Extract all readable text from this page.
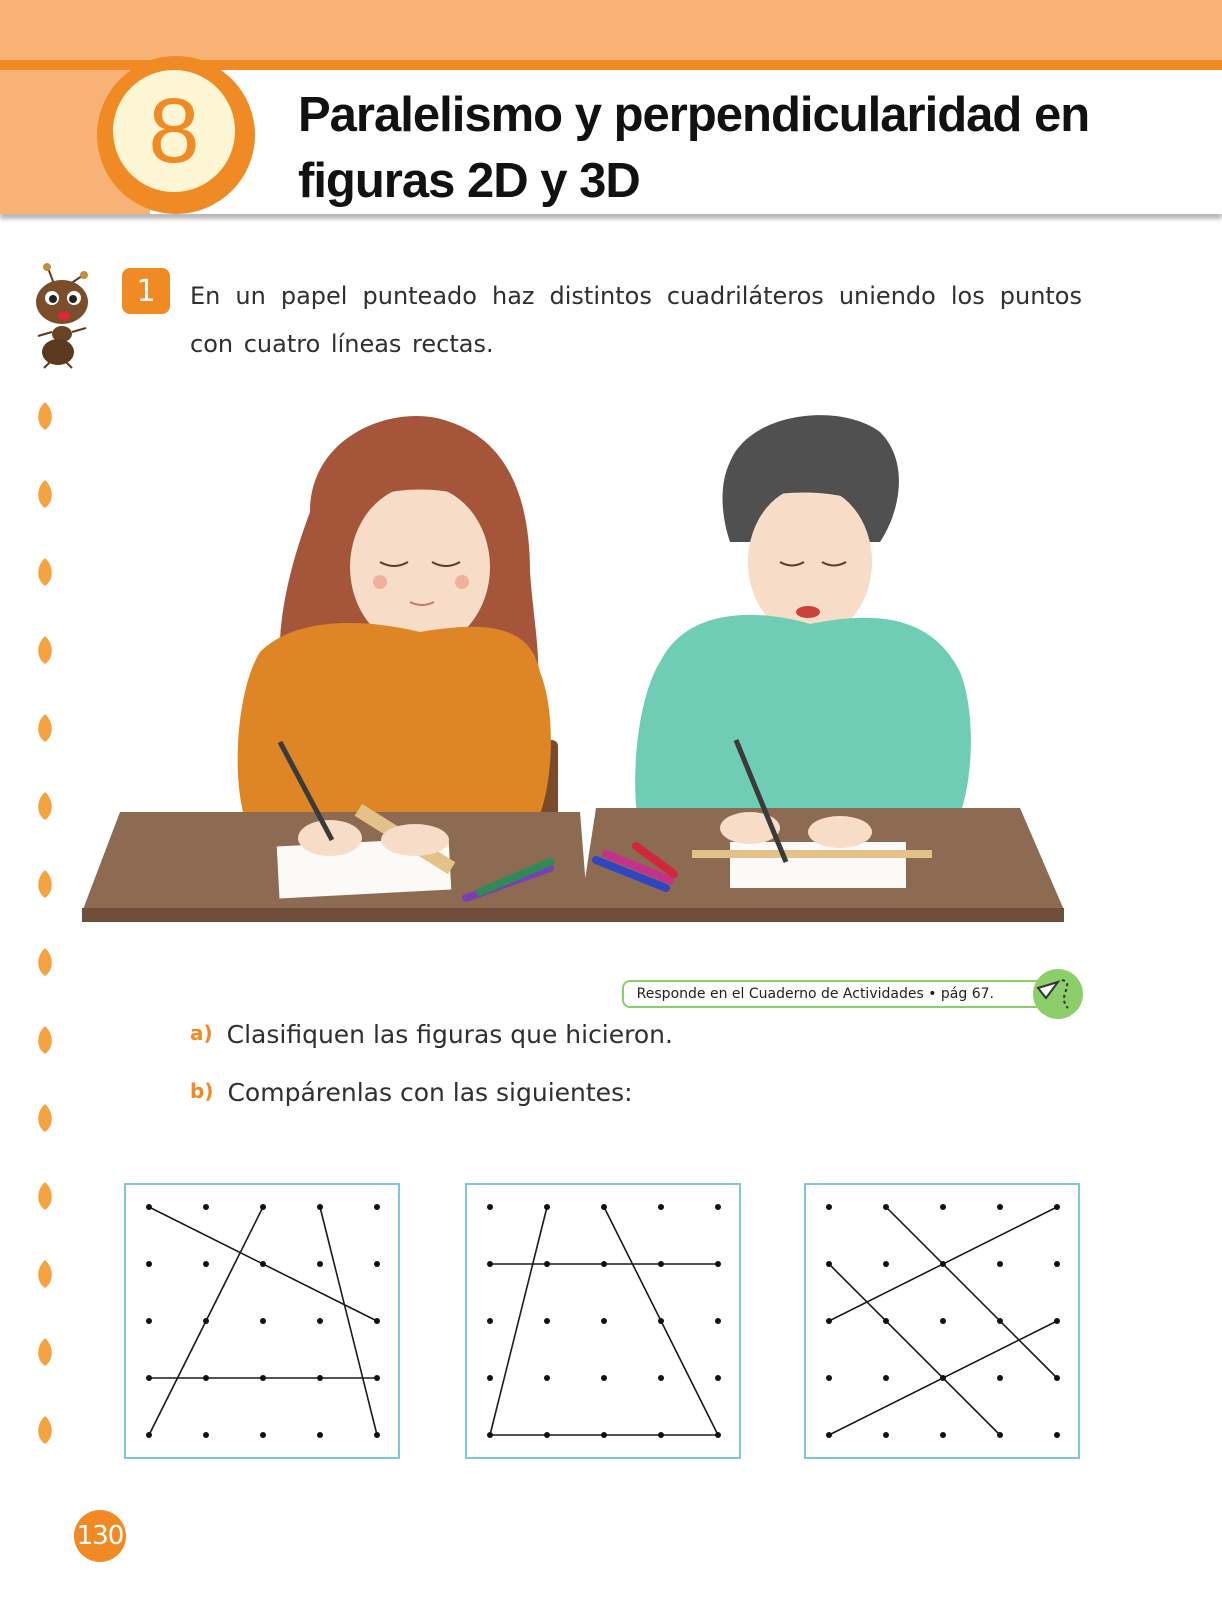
8	Paralelismo y perpendicularidad en figuras 2D y 3D
1	En un papel punteado haz distintos cuadriláteros uniendo los puntos con cuatro líneas rectas.

Responde en el Cuaderno de Actividades • pág 67.
a) Clasifiquen las figuras que hicieron.
b) Compárenlas con las siguientes:
130
